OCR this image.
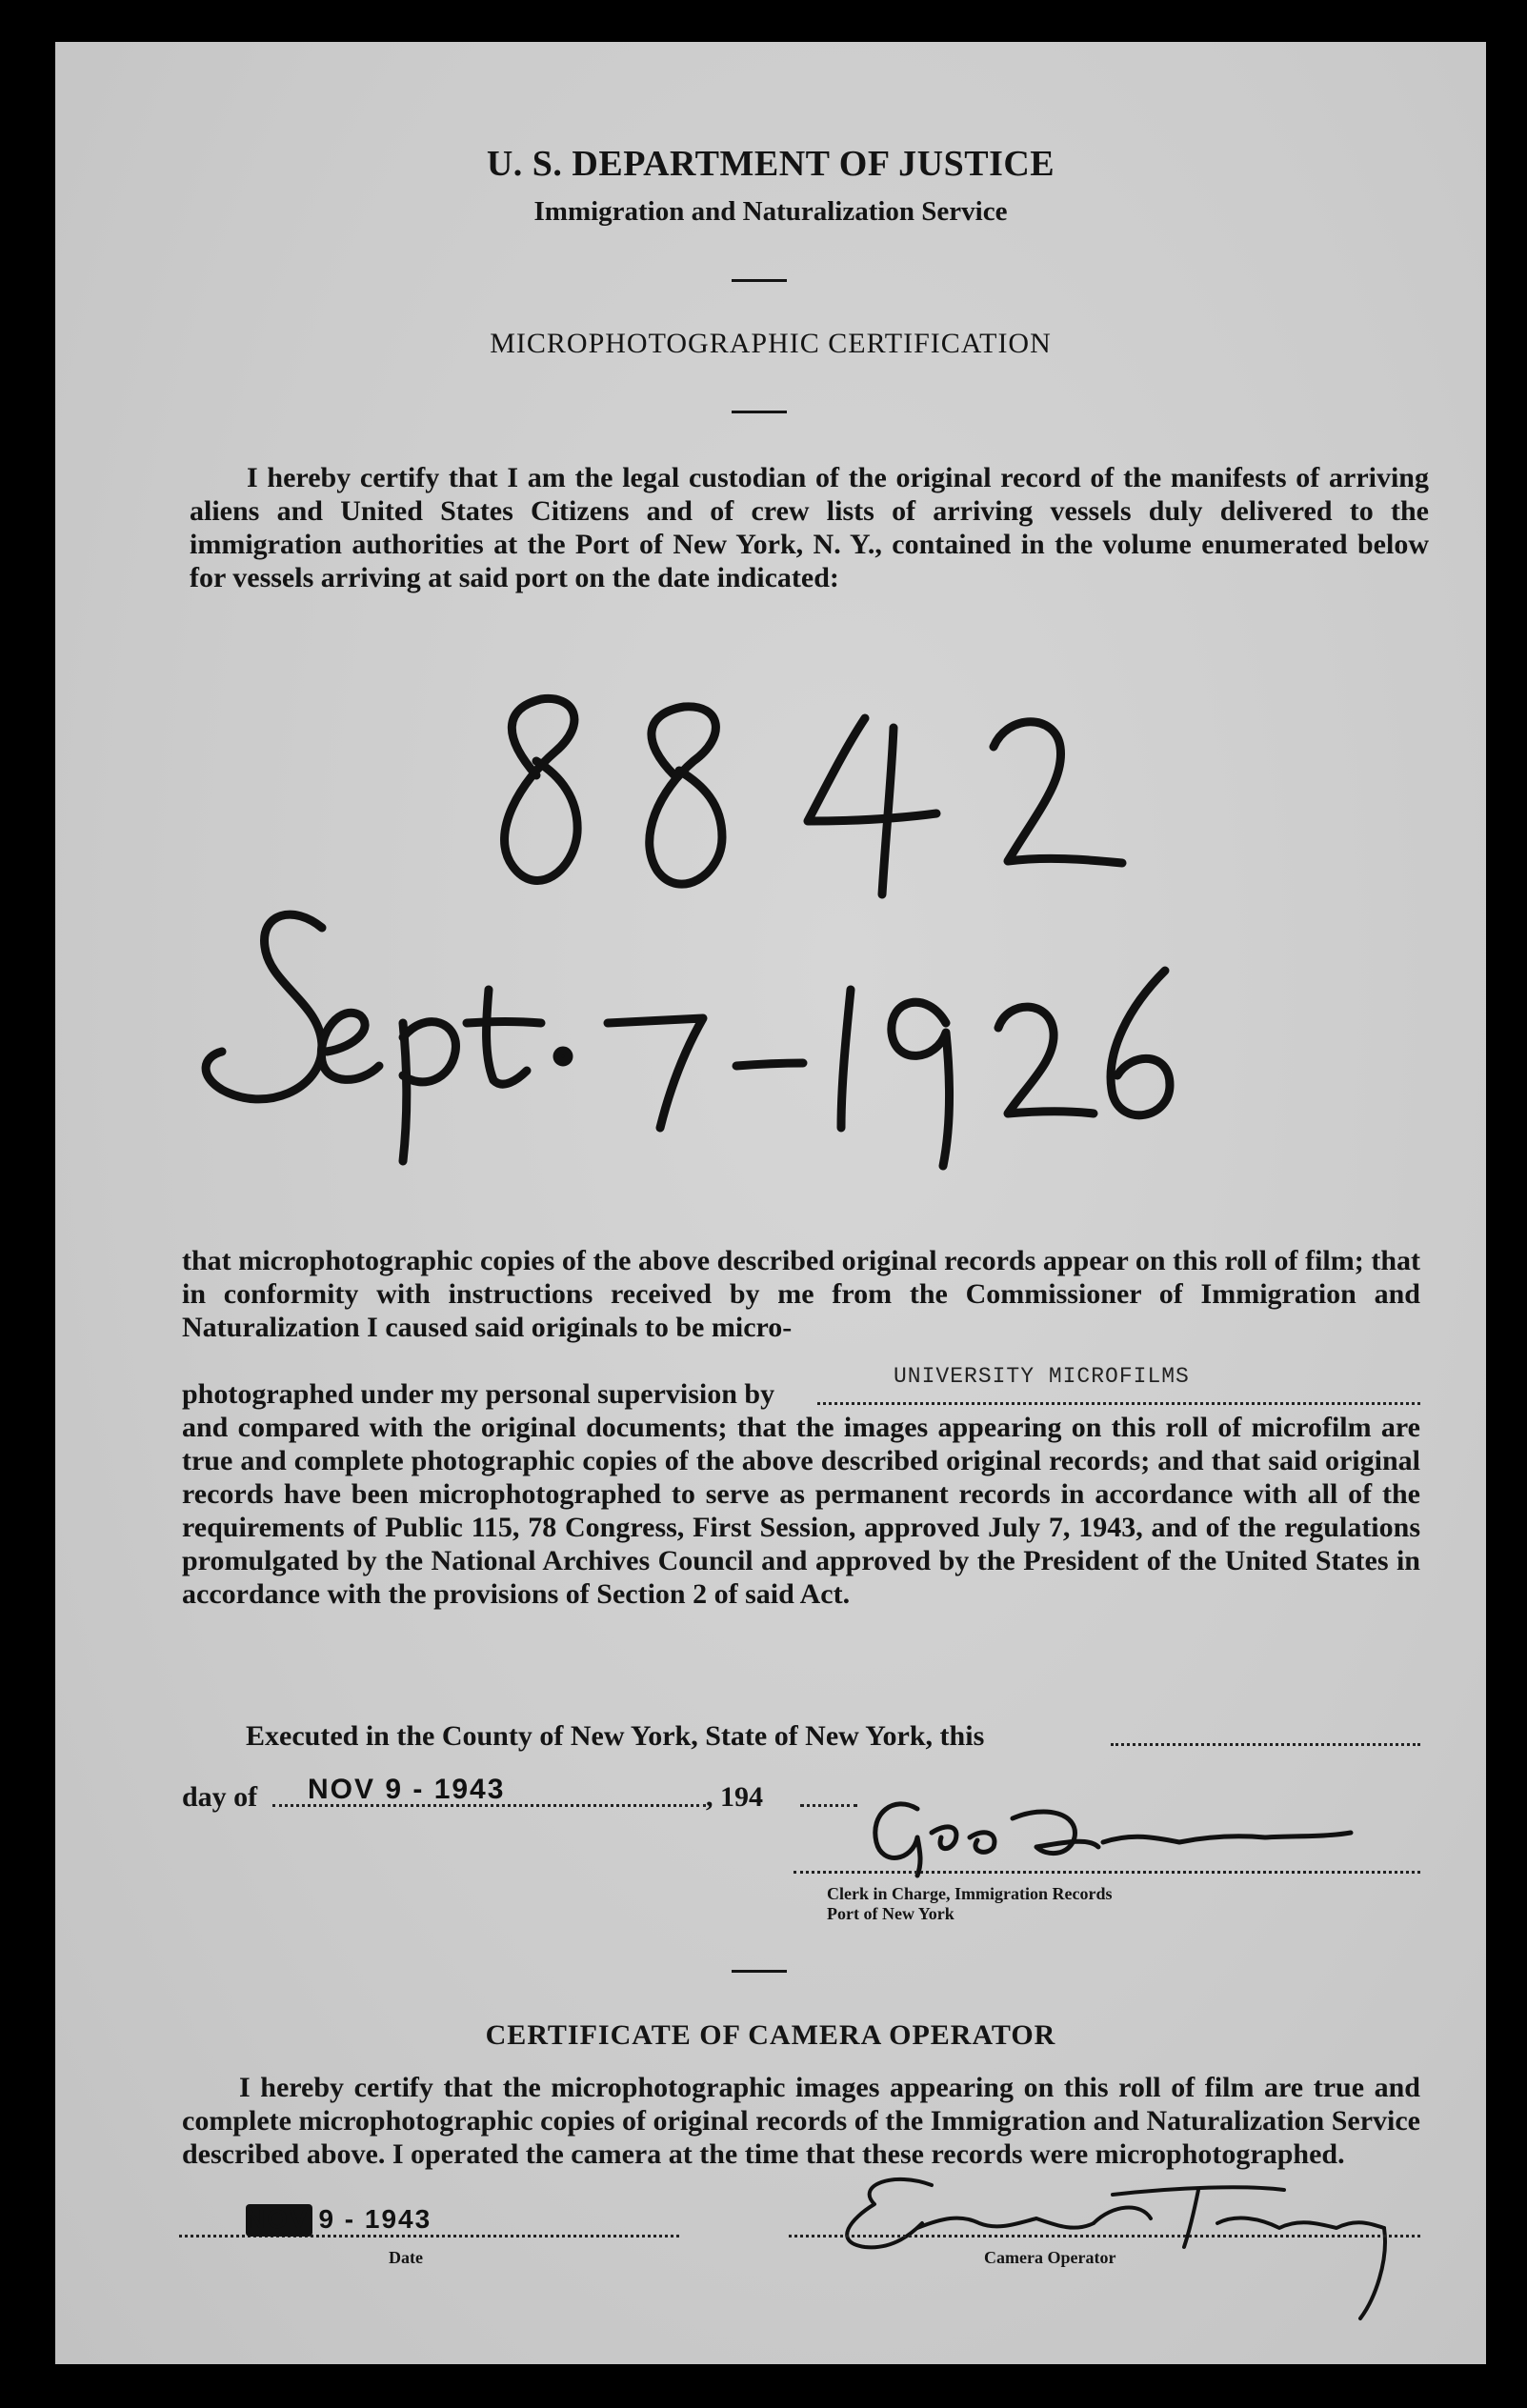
U. S. DEPARTMENT OF JUSTICE
Immigration and Naturalization Service
MICROPHOTOGRAPHIC CERTIFICATION
I hereby certify that I am the legal custodian of the original record of the manifests of arriving aliens and United States Citizens and of crew lists of arriving vessels duly delivered to the immigration authorities at the Port of New York, N. Y., contained in the volume enumerated below for vessels arriving at said port on the date indicated:
that microphotographic copies of the above described original records appear on this roll of film; that in conformity with instructions received by me from the Commissioner of Immigration and Naturalization I caused said originals to be micro-
photographed under my personal supervision by
UNIVERSITY MICROFILMS
and compared with the original documents; that the images appearing on this roll of microfilm are true and complete photographic copies of the above described original records; and that said original records have been microphotographed to serve as permanent records in accordance with all of the requirements of Public 115, 78 Congress, First Session, approved July 7, 1943, and of the regulations promulgated by the National Archives Council and approved by the President of the United States in accordance with the provisions of Section 2 of said Act.
Executed in the County of New York, State of New York, this
day of NOV 9 - 1943	, 194
Clerk in Charge, Immigration Records
Port of New York
CERTIFICATE OF CAMERA OPERATOR
I hereby certify that the microphotographic images appearing on this roll of film are true and complete microphotographic copies of original records of the Immigration and Naturalization Service described above. I operated the camera at the time that these records were microphotographed.
NOV 9 - 1943
Date	Camera Operator
